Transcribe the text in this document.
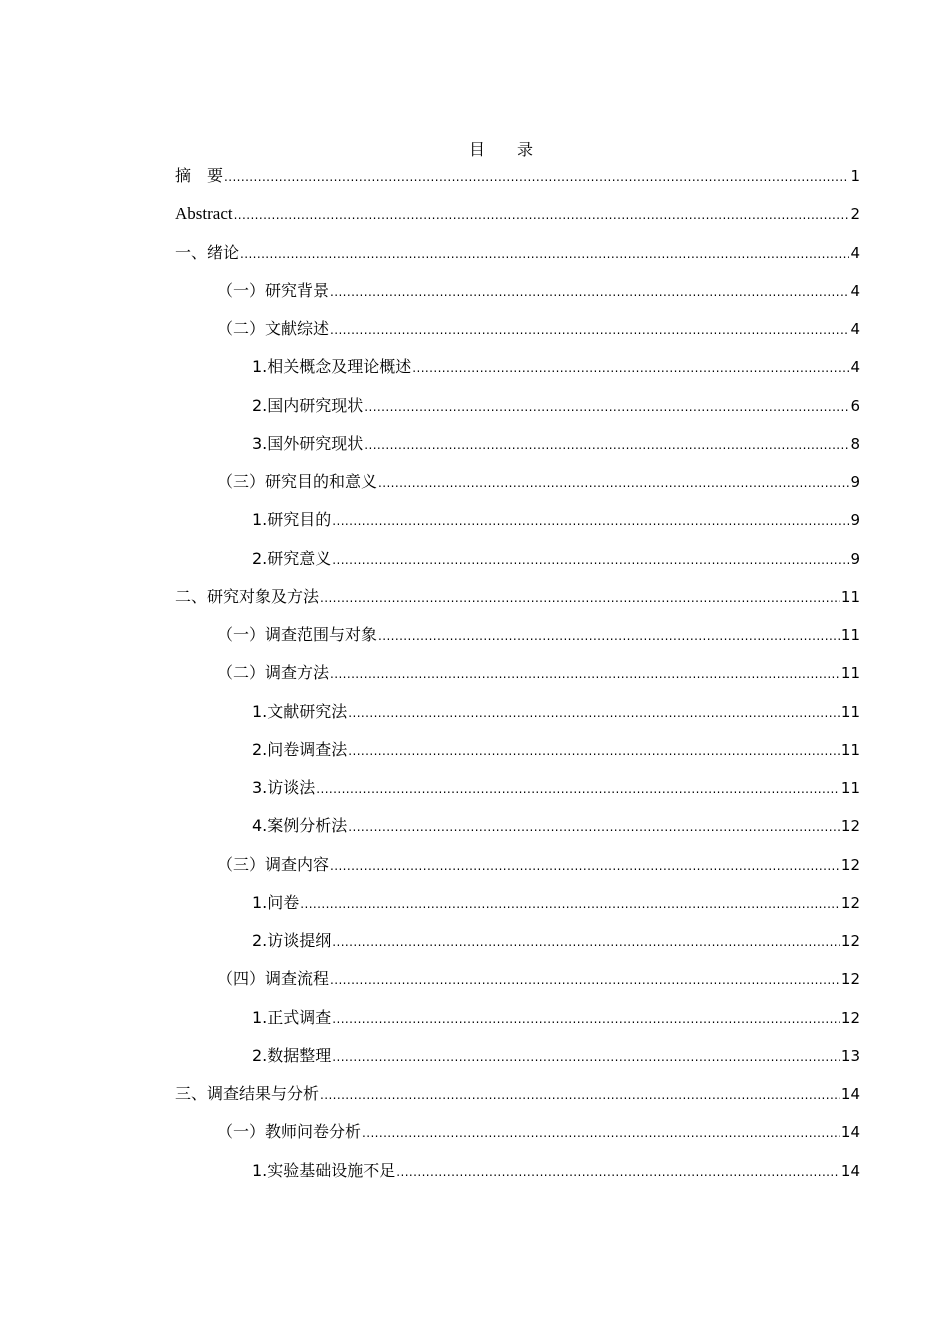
目　　录
摘　要 .....	1
Abstract .....	2
一、绪论 .....	4
（一）研究背景 .....	4
（二）文献综述 .....	4
1.相关概念及理论概述 .....	4
2.国内研究现状 .....	6
3.国外研究现状 .....	8
（三）研究目的和意义 .....	9
1.研究目的 .....	9
2.研究意义 .....	9
二、研究对象及方法 .....	11
（一）调查范围与对象 .....	11
（二）调查方法 .....	11
1.文献研究法 .....	11
2.问卷调查法 .....	11
3.访谈法 .....	11
4.案例分析法 .....	12
（三）调查内容 .....	12
1.问卷 .....	12
2.访谈提纲 .....	12
（四）调查流程 .....	12
1.正式调查 .....	12
2.数据整理 .....	13
三、调查结果与分析 .....	14
（一）教师问卷分析 .....	14
1.实验基础设施不足 .....	14
